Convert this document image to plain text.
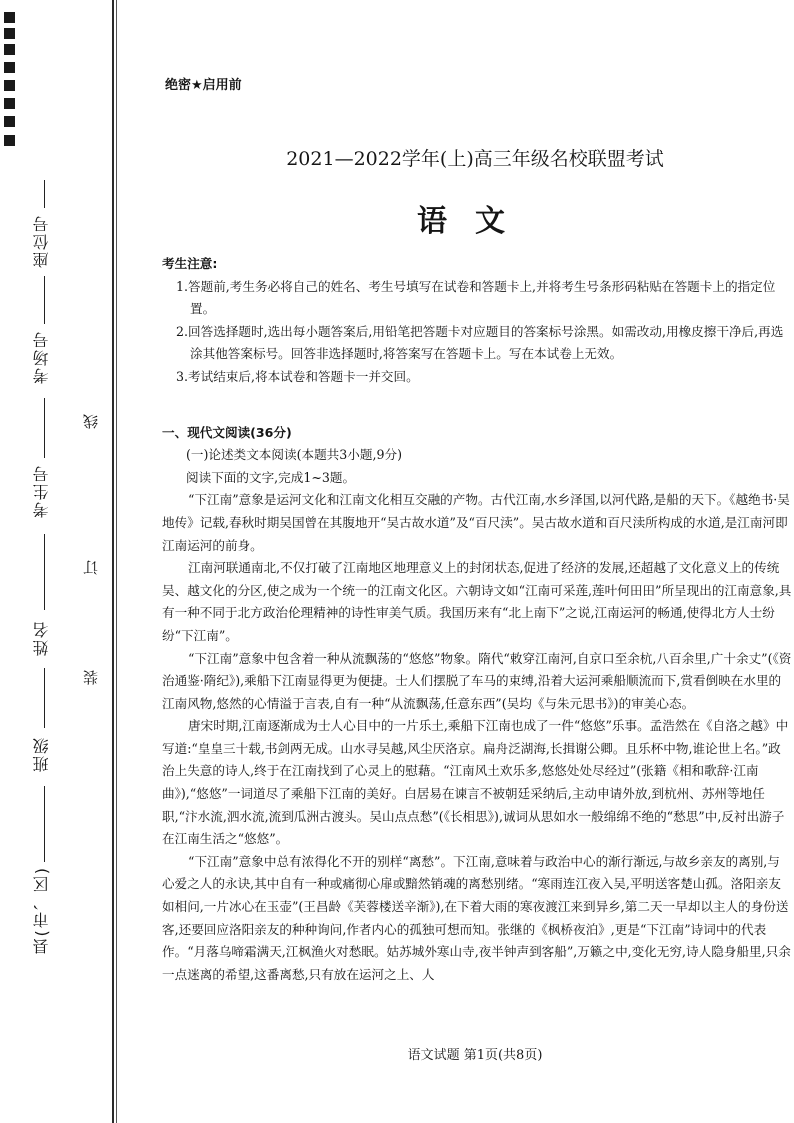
座位号
考场号
考生号
姓名
班级
县(市、区)
线
订
装
绝密★启用前
2021—2022学年(上)高三年级名校联盟考试
语文

考生注意:

1.答题前,考生务必将自己的姓名、考生号填写在试卷和答题卡上,并将考生号条形码粘贴在答题卡上的指定位置。

2.回答选择题时,选出每小题答案后,用铅笔把答题卡对应题目的答案标号涂黑。如需改动,用橡皮擦干净后,再选涂其他答案标号。回答非选择题时,将答案写在答题卡上。写在本试卷上无效。

3.考试结束后,将本试卷和答题卡一并交回。

一、现代文阅读(36分)

(一)论述类文本阅读(本题共3小题,9分)

阅读下面的文字,完成1~3题。

“下江南”意象是运河文化和江南文化相互交融的产物。古代江南,水乡泽国,以河代路,是船的天下。《越绝书·吴地传》记载,春秋时期吴国曾在其腹地开“吴古故水道”及“百尺渎”。吴古故水道和百尺渎所构成的水道,是江南河即江南运河的前身。

江南河联通南北,不仅打破了江南地区地理意义上的封闭状态,促进了经济的发展,还超越了文化意义上的传统吴、越文化的分区,使之成为一个统一的江南文化区。六朝诗文如“江南可采莲,莲叶何田田”所呈现出的江南意象,具有一种不同于北方政治伦理精神的诗性审美气质。我国历来有“北上南下”之说,江南运河的畅通,使得北方人士纷纷“下江南”。

“下江南”意象中包含着一种从流飘荡的“悠悠”物象。隋代“敕穿江南河,自京口至余杭,八百余里,广十余丈”(《资治通鉴·隋纪》),乘船下江南显得更为便捷。士人们摆脱了车马的束缚,沿着大运河乘船顺流而下,赏看倒映在水里的江南风物,悠然的心情溢于言表,自有一种“从流飘荡,任意东西”(吴均《与朱元思书》)的审美心态。

唐宋时期,江南逐渐成为士人心目中的一片乐土,乘船下江南也成了一件“悠悠”乐事。孟浩然在《自洛之越》中写道:“皇皇三十载,书剑两无成。山水寻吴越,风尘厌洛京。扁舟泛湖海,长揖谢公卿。且乐杯中物,谁论世上名。”政治上失意的诗人,终于在江南找到了心灵上的慰藉。“江南风土欢乐多,悠悠处处尽经过”(张籍《相和歌辞·江南曲》),“悠悠”一词道尽了乘船下江南的美好。白居易在谏言不被朝廷采纳后,主动申请外放,到杭州、苏州等地任职,“汴水流,泗水流,流到瓜洲古渡头。吴山点点愁”(《长相思》),诚词从思如水一般绵绵不绝的“愁思”中,反衬出游子在江南生活之“悠悠”。

“下江南”意象中总有浓得化不开的别样“离愁”。下江南,意味着与政治中心的渐行渐远,与故乡亲友的离别,与心爱之人的永诀,其中自有一种或痛彻心扉或黯然销魂的离愁别绪。“寒雨连江夜入吴,平明送客楚山孤。洛阳亲友如相问,一片冰心在玉壶”(王昌龄《芙蓉楼送辛渐》),在下着大雨的寒夜渡江来到异乡,第二天一早却以主人的身份送客,还要回应洛阳亲友的种种询问,作者内心的孤独可想而知。张继的《枫桥夜泊》,更是“下江南”诗词中的代表作。“月落乌啼霜满天,江枫渔火对愁眠。姑苏城外寒山寺,夜半钟声到客船”,万籁之中,变化无穷,诗人隐身船里,只余一点迷离的希望,这番离愁,只有放在运河之上、人

语文试题 第1页(共8页)
